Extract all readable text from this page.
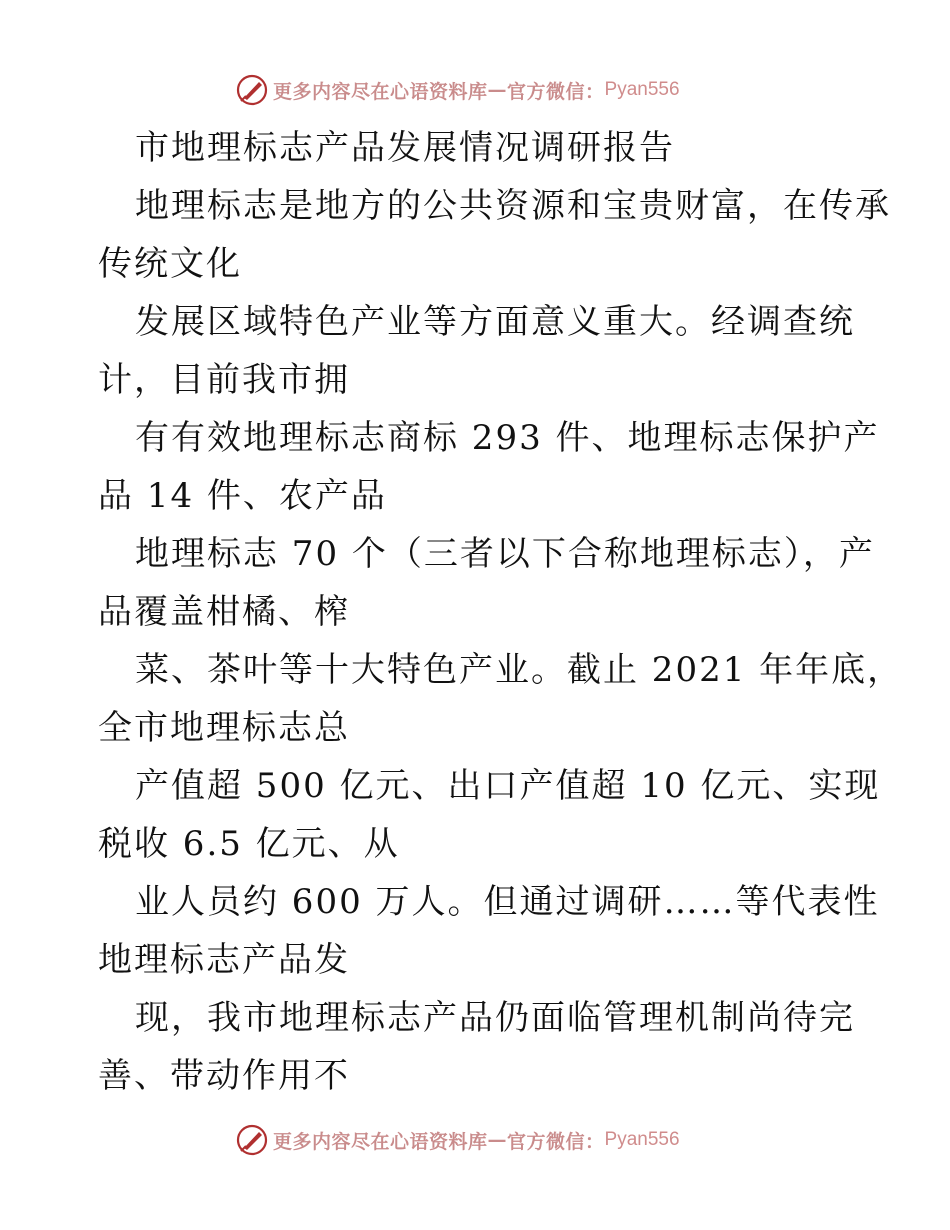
更多内容尽在心语资料库 — 官方微信： Pyan556
市地理标志产品发展情况调研报告
地理标志是地方的公共资源和宝贵财富，在传承
传统文化
发展区域特色产业等方面意义重大。经调查统
计，目前我市拥
有有效地理标志商标 293 件、地理标志保护产
品 14 件、农产品
地理标志 70 个（三者以下合称地理标志），产
品覆盖柑橘、榨
菜、茶叶等十大特色产业。截止 2021 年年底，
全市地理标志总
产值超 500 亿元、出口产值超 10 亿元、实现
税收 6.5 亿元、从
业人员约 600 万人。但通过调研……等代表性
地理标志产品发
现，我市地理标志产品仍面临管理机制尚待完
善、带动作用不
更多内容尽在心语资料库 — 官方微信： Pyan556
